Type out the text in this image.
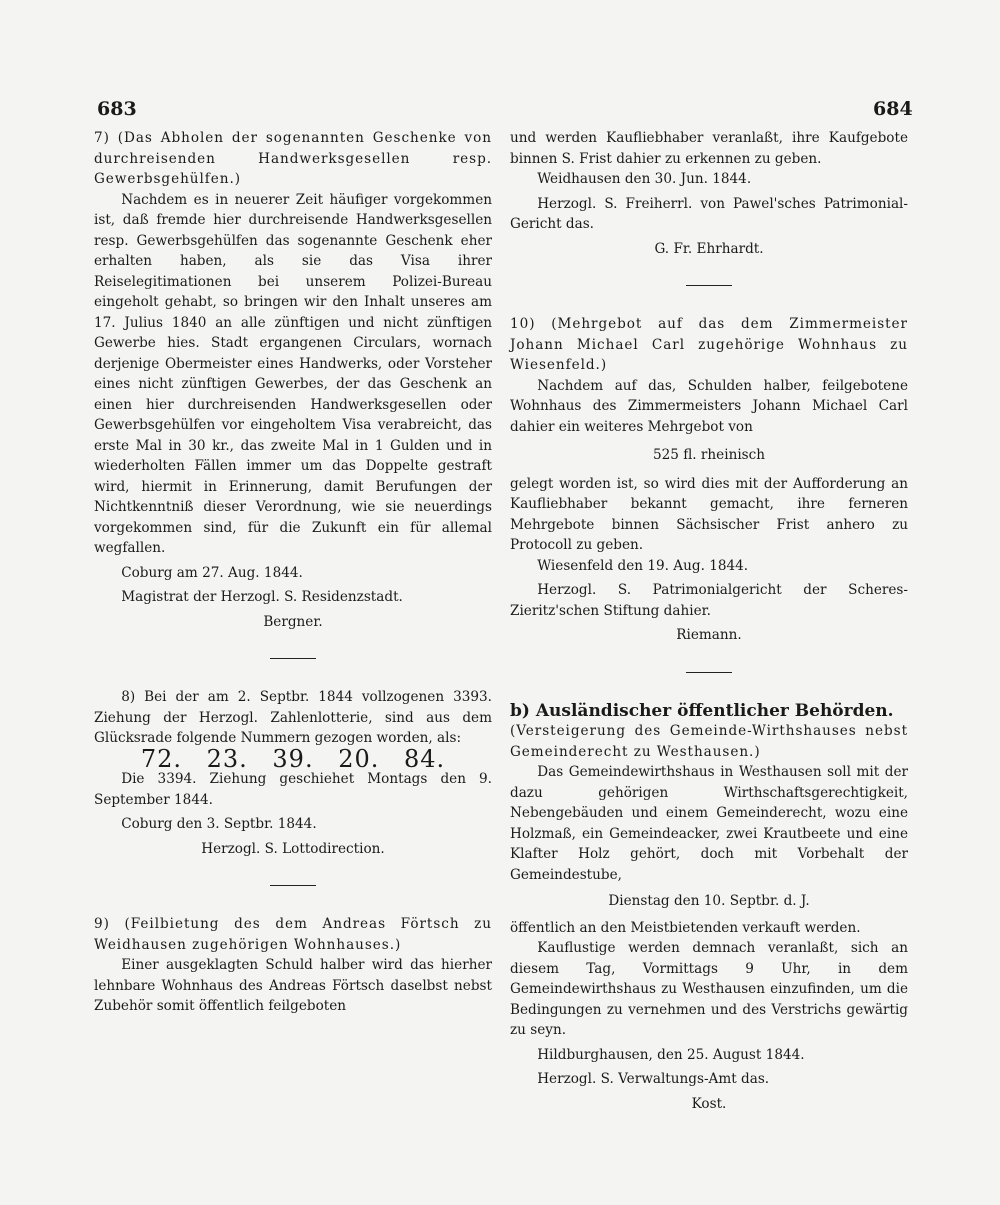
683	684

7) (Das Abholen der sogenannten Geschenke von durchreisenden Handwerksgesellen resp. Gewerbsgehülfen.)

Nachdem es in neuerer Zeit häufiger vorgekommen ist, daß fremde hier durchreisende Handwerksgesellen resp. Gewerbsgehülfen das sogenannte Geschenk eher erhalten haben, als sie das Visa ihrer Reiselegitimationen bei unserem Polizei-Bureau eingeholt gehabt, so bringen wir den Inhalt unseres am 17. Julius 1840 an alle zünftigen und nicht zünftigen Gewerbe hies. Stadt ergangenen Circulars, wornach derjenige Obermeister eines Handwerks, oder Vorsteher eines nicht zünftigen Gewerbes, der das Geschenk an einen hier durchreisenden Handwerksgesellen oder Gewerbsgehülfen vor eingeholtem Visa verabreicht, das erste Mal in 30 kr., das zweite Mal in 1 Gulden und in wiederholten Fällen immer um das Doppelte gestraft wird, hiermit in Erinnerung, damit Berufungen der Nichtkenntniß dieser Verordnung, wie sie neuerdings vorgekommen sind, für die Zukunft ein für allemal wegfallen.

Coburg am 27. Aug. 1844.

Magistrat der Herzogl. S. Residenzstadt.

Bergner.

8) Bei der am 2. Septbr. 1844 vollzogenen 3393. Ziehung der Herzogl. Zahlenlotterie, sind aus dem Glücksrade folgende Nummern gezogen worden, als:

72. 23. 39. 20. 84.

Die 3394. Ziehung geschiehet Montags den 9. September 1844.

Coburg den 3. Septbr. 1844.

Herzogl. S. Lottodirection.

9) (Feilbietung des dem Andreas Förtsch zu Weidhausen zugehörigen Wohnhauses.)

Einer ausgeklagten Schuld halber wird das hierher lehnbare Wohnhaus des Andreas Förtsch daselbst nebst Zubehör somit öffentlich feilgeboten

und werden Kaufliebhaber veranlaßt, ihre Kaufgebote binnen S. Frist dahier zu erkennen zu geben.

Weidhausen den 30. Jun. 1844.

Herzogl. S. Freiherrl. von Pawel'sches Patrimonial-Gericht das.

G. Fr. Ehrhardt.

10) (Mehrgebot auf das dem Zimmermeister Johann Michael Carl zugehörige Wohnhaus zu Wiesenfeld.)

Nachdem auf das, Schulden halber, feilgebotene Wohnhaus des Zimmermeisters Johann Michael Carl dahier ein weiteres Mehrgebot von

525 fl. rheinisch

gelegt worden ist, so wird dies mit der Aufforderung an Kaufliebhaber bekannt gemacht, ihre ferneren Mehrgebote binnen Sächsischer Frist anhero zu Protocoll zu geben.

Wiesenfeld den 19. Aug. 1844.

Herzogl. S. Patrimonialgericht der Scheres-Zieritz'schen Stiftung dahier.

Riemann.

b) Ausländischer öffentlicher Behörden.

(Versteigerung des Gemeinde-Wirthshauses nebst Gemeinderecht zu Westhausen.)

Das Gemeindewirthshaus in Westhausen soll mit der dazu gehörigen Wirthschaftsgerechtigkeit, Nebengebäuden und einem Gemeinderecht, wozu eine Holzmaß, ein Gemeindeacker, zwei Krautbeete und eine Klafter Holz gehört, doch mit Vorbehalt der Gemeindestube,

Dienstag den 10. Septbr. d. J.

öffentlich an den Meistbietenden verkauft werden.

Kauflustige werden demnach veranlaßt, sich an diesem Tag, Vormittags 9 Uhr, in dem Gemeindewirthshaus zu Westhausen einzufinden, um die Bedingungen zu vernehmen und des Verstrichs gewärtig zu seyn.

Hildburghausen, den 25. August 1844.

Herzogl. S. Verwaltungs-Amt das.

Kost.
